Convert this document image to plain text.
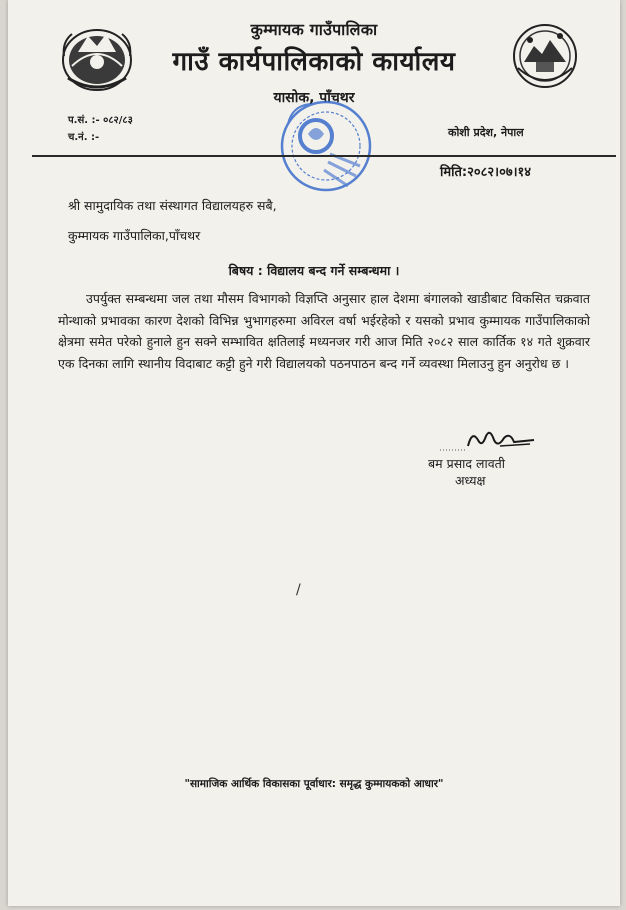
कुम्मायक गाउँपालिका
गाउँ कार्यपालिकाको कार्यालय
यासोक, पाँचथर
प.सं. :- ०८२/८३
च.नं. :-	कोशी प्रदेश, नेपाल
मिति:२०८२।०७।१४
श्री सामुदायिक तथा संस्थागत विद्यालयहरु सबै,
कुम्मायक गाउँपालिका,पाँचथर
बिषय : विद्यालय बन्द गर्ने सम्बन्धमा ।
उपर्युक्त सम्बन्धमा जल तथा मौसम विभागको विज्ञप्ति अनुसार हाल देशमा बंगालको खाडीबाट विकसित चक्रवात मोन्थाको प्रभावका कारण देशको विभिन्न भुभागहरुमा अविरल वर्षा भईरहेको र यसको प्रभाव कुम्मायक गाउँपालिकाको क्षेत्रमा समेत परेको हुनाले हुन सक्ने सम्भावित क्षतिलाई मध्यनजर गरी आज मिति २०८२ साल कार्तिक १४ गते शुक्रवार एक दिनका लागि स्थानीय विदाबाट कट्टी हुने गरी विद्यालयको पठनपाठन बन्द गर्ने व्यवस्था मिलाउनु हुन अनुरोध छ ।
बम प्रसाद लावती
अध्यक्ष
/
"सामाजिक आर्थिक विकासका पूर्वाधार: समृद्ध कुम्मायकको आधार"
